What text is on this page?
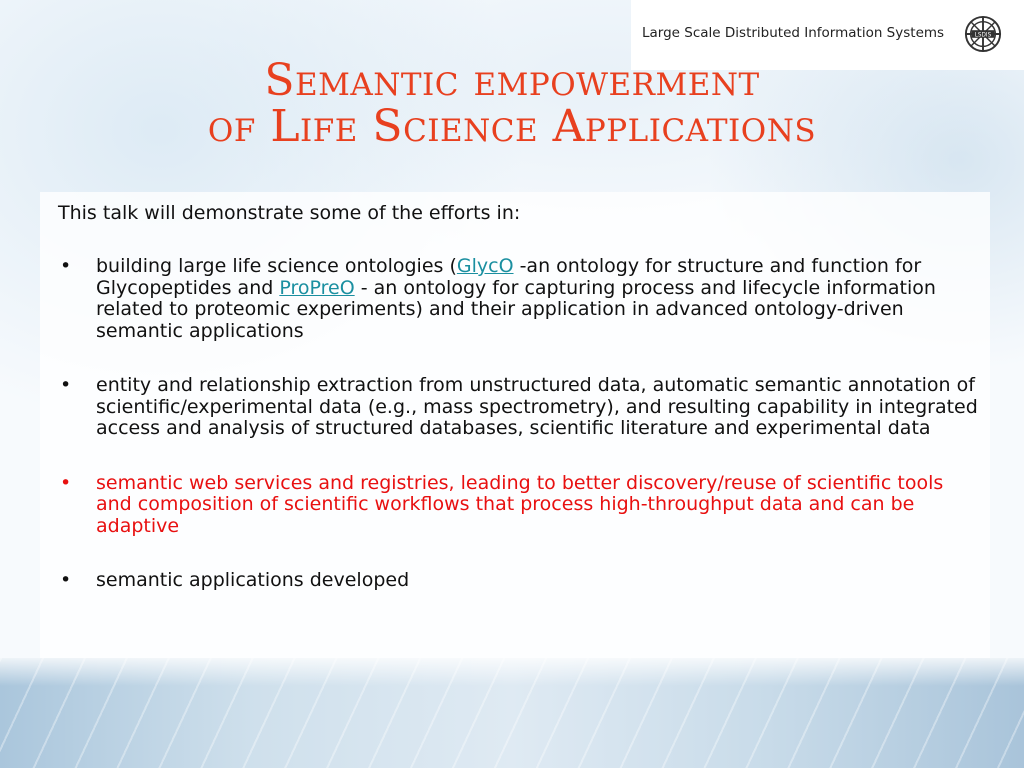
Large Scale Distributed Information Systems	LSDIS
Semantic empowerment
of Life Science Applications
This talk will demonstrate some of the efforts in:
• building large life science ontologies (GlycO -an ontology for structure and function for Glycopeptides and ProPreO - an ontology for capturing process and lifecycle information related to proteomic experiments) and their application in advanced ontology-driven semantic applications
• entity and relationship extraction from unstructured data, automatic semantic annotation of scientific/experimental data (e.g., mass spectrometry), and resulting capability in integrated access and analysis of structured databases, scientific literature and experimental data
• semantic web services and registries, leading to better discovery/reuse of scientific tools and composition of scientific workflows that process high-throughput data and can be adaptive
• semantic applications developed
